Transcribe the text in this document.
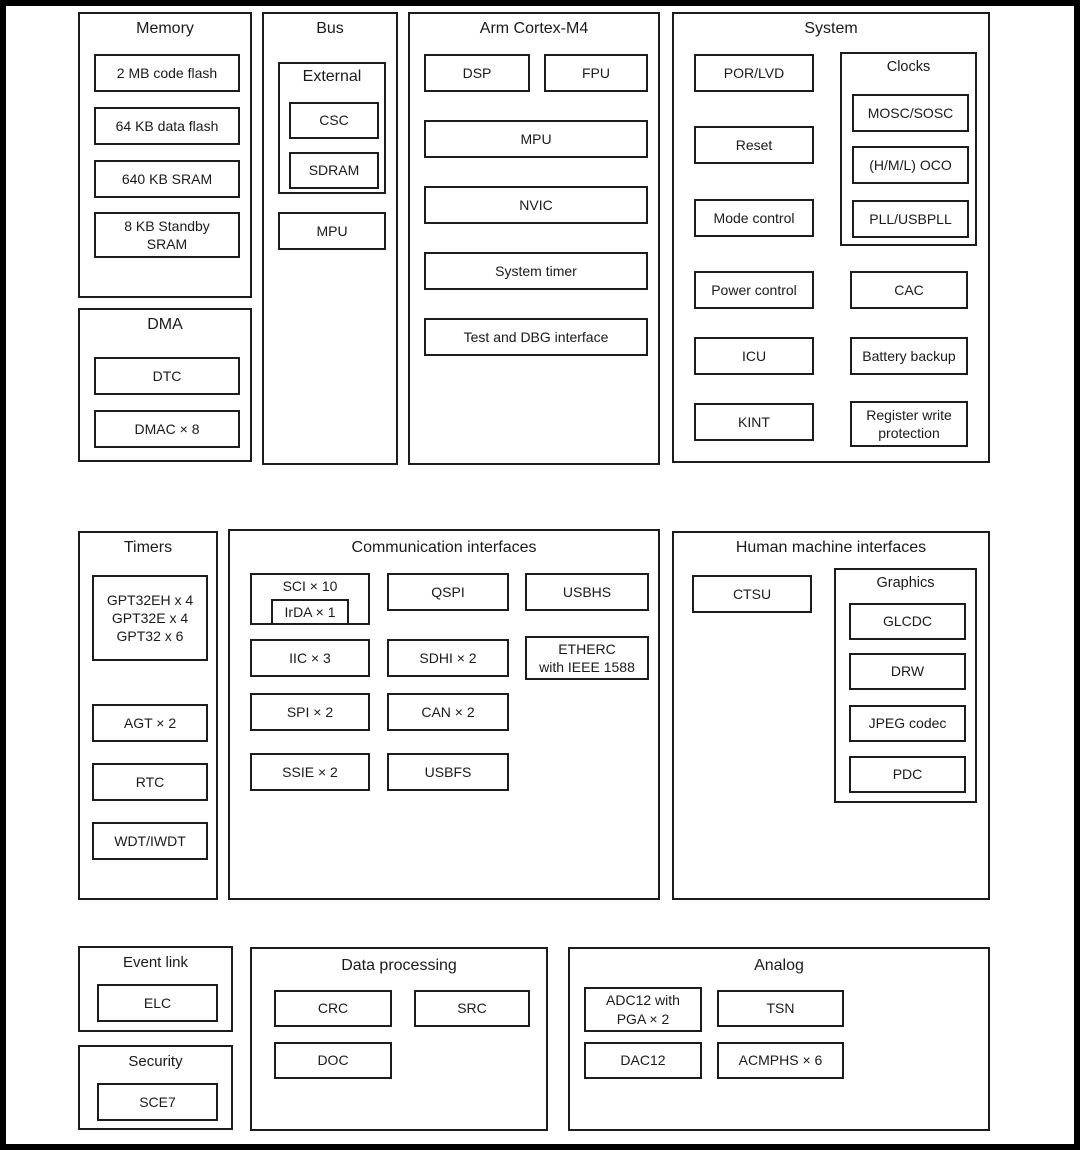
Memory
2 MB code flash
64 KB data flash
640 KB SRAM
8 KB Standby
SRAM
DMA
DTC
DMAC × 8
Bus
External
CSC
SDRAM
MPU
Arm Cortex-M4
DSP	FPU
MPU
NVIC
System timer
Test and DBG interface
System
POR/LVD
Reset
Mode control
Power control
ICU
KINT
Clocks
MOSC/SOSC
(H/M/L) OCO
PLL/USBPLL
CAC
Battery backup
Register write
protection
Timers
GPT32EH x 4
GPT32E x 4
GPT32 x 6
AGT × 2
RTC
WDT/IWDT
Communication interfaces
SCI × 10
IrDA × 1
QSPI	USBHS
IIC × 3	SDHI × 2
ETHERC
with IEEE 1588
SPI × 2	CAN × 2
SSIE × 2	USBFS
Human machine interfaces
CTSU
Graphics
GLCDC
DRW
JPEG codec
PDC
Event link
ELC
Security
SCE7
Data processing
CRC	SRC
DOC
Analog
ADC12 with
PGA × 2
TSN
DAC12	ACMPHS × 6
